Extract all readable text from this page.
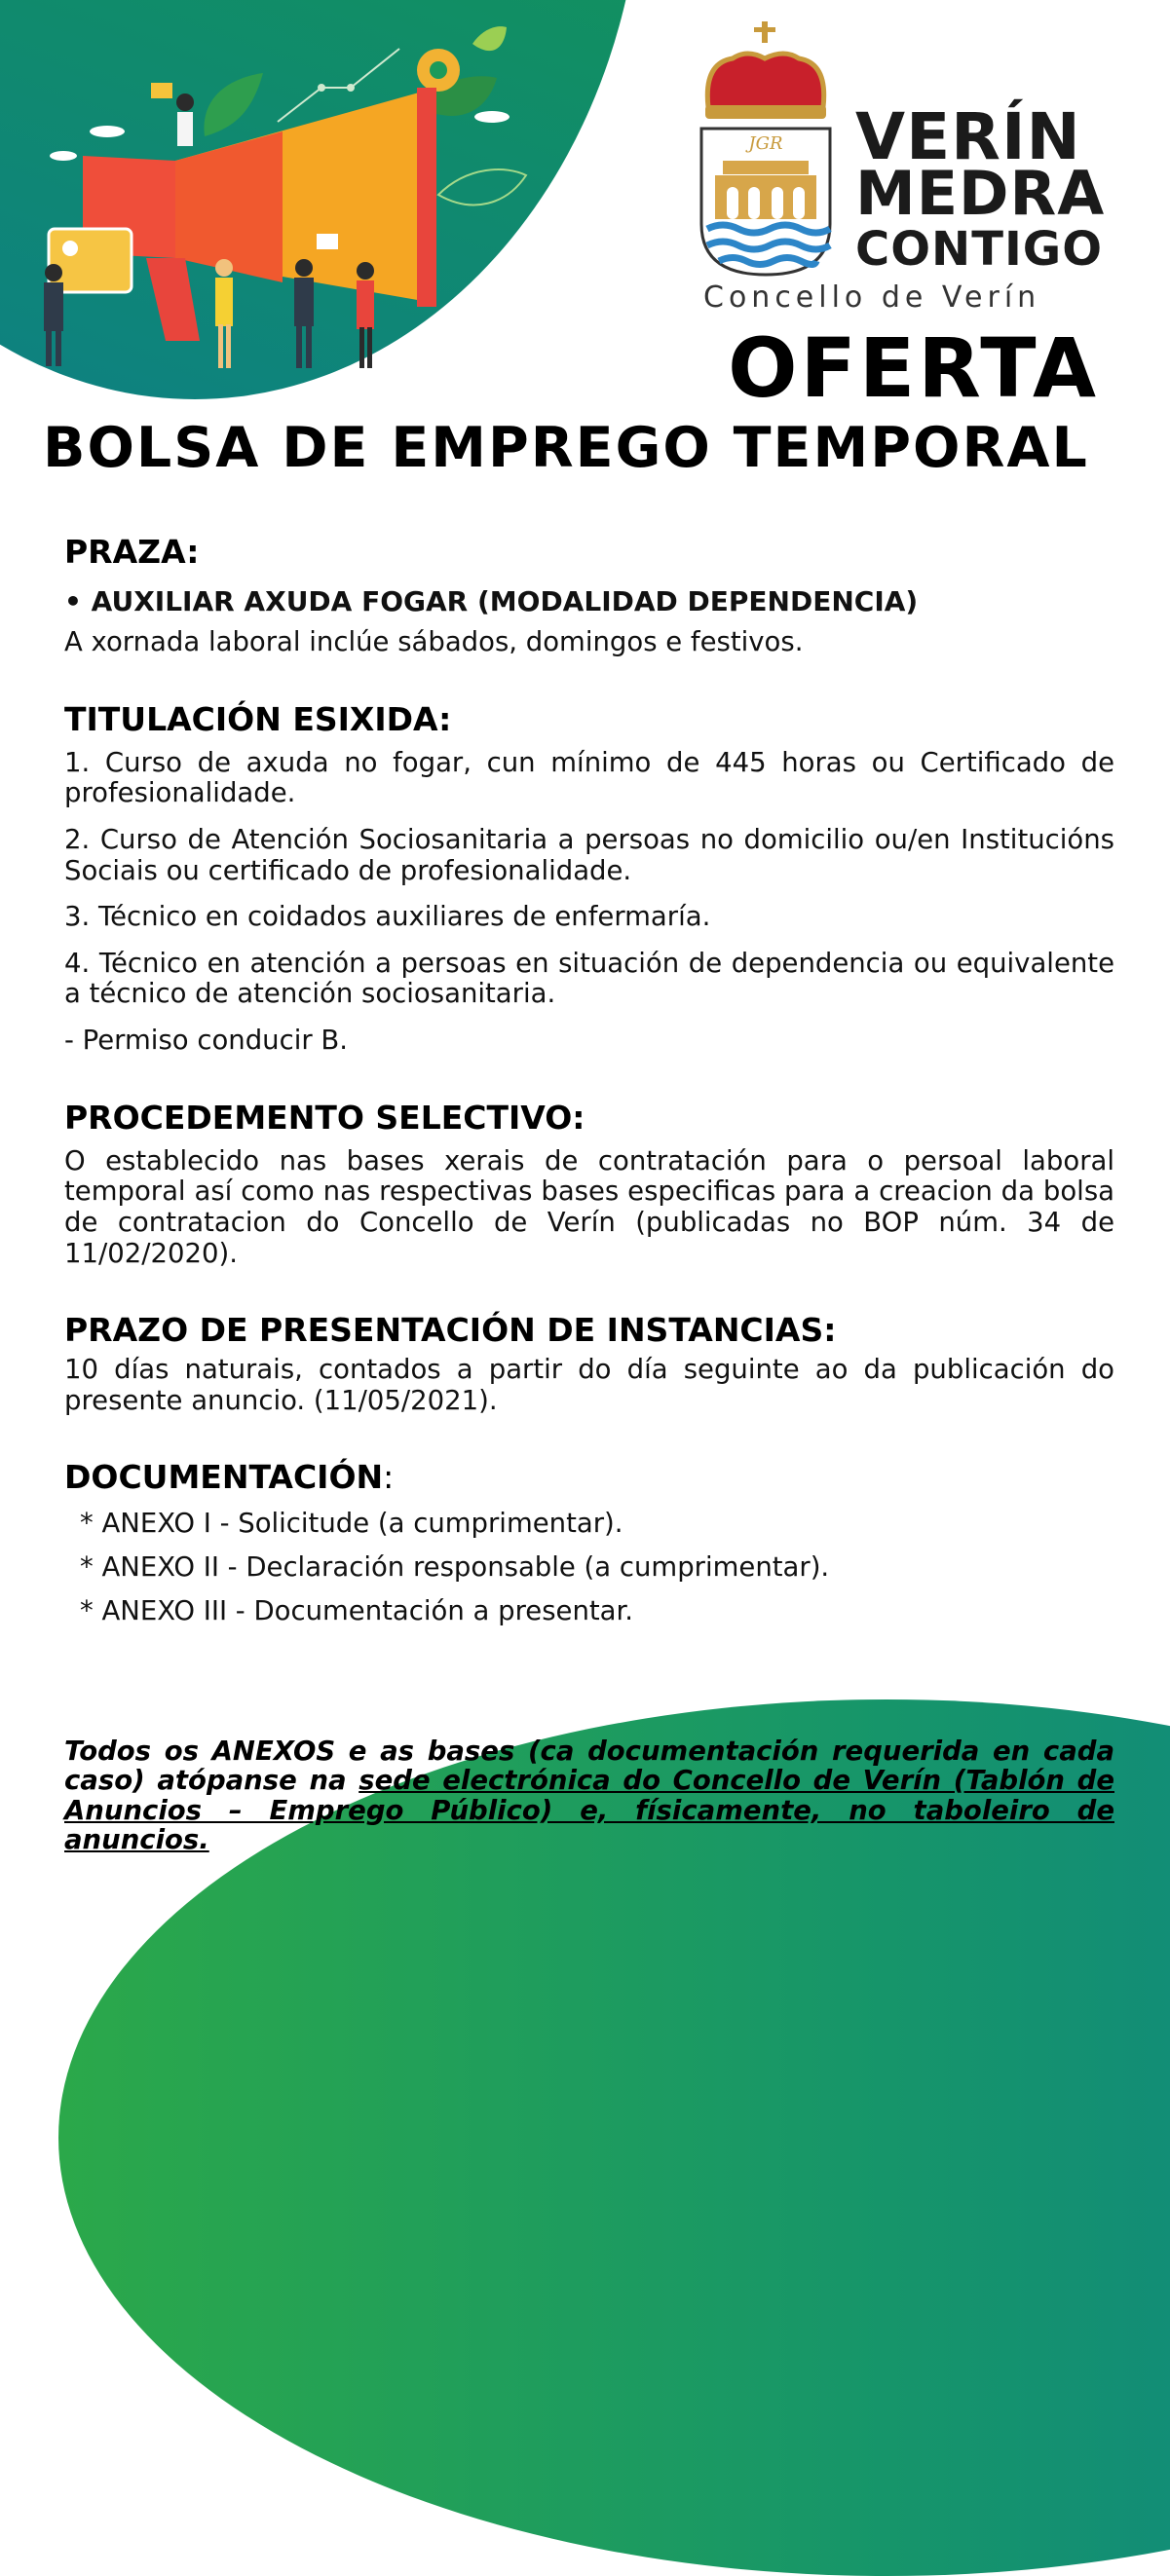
JGR VERÍN
MEDRA
CONTIGO
Concello de Verín
OFERTA
BOLSA DE EMPREGO TEMPORAL
PRAZA:

• AUXILIAR AXUDA FOGAR (MODALIDAD DEPENDENCIA)

A xornada laboral inclúe sábados, domingos e festivos.

TITULACIÓN ESIXIDA:

1. Curso de axuda no fogar, cun mínimo de 445 horas ou Certificado de profesionalidade.

2. Curso de Atención Sociosanitaria a persoas no domicilio ou/en Institucións Sociais ou certificado de profesionalidade.

3. Técnico en coidados auxiliares de enfermaría.

4. Técnico en atención a persoas en situación de dependencia ou equivalente a técnico de atención sociosanitaria.

- Permiso conducir B.

PROCEDEMENTO SELECTIVO:

O establecido nas bases xerais de contratación para o persoal laboral temporal así como nas respectivas bases especificas para a creacion da bolsa de contratacion do Concello de Verín (publicadas no BOP núm. 34 de 11/02/2020).

PRAZO DE PRESENTACIÓN DE INSTANCIAS:

10 días naturais, contados a partir do día seguinte ao da publicación do presente anuncio. (11/05/2021).

DOCUMENTACIÓN:

* ANEXO I - Solicitude (a cumprimentar).

* ANEXO II - Declaración responsable (a cumprimentar).

* ANEXO III - Documentación a presentar.

Todos os ANEXOS e as bases (ca documentación requerida en cada caso) atópanse na sede electrónica do Concello de Verín (Tablón de Anuncios – Emprego Público) e, físicamente, no taboleiro de anuncios.
